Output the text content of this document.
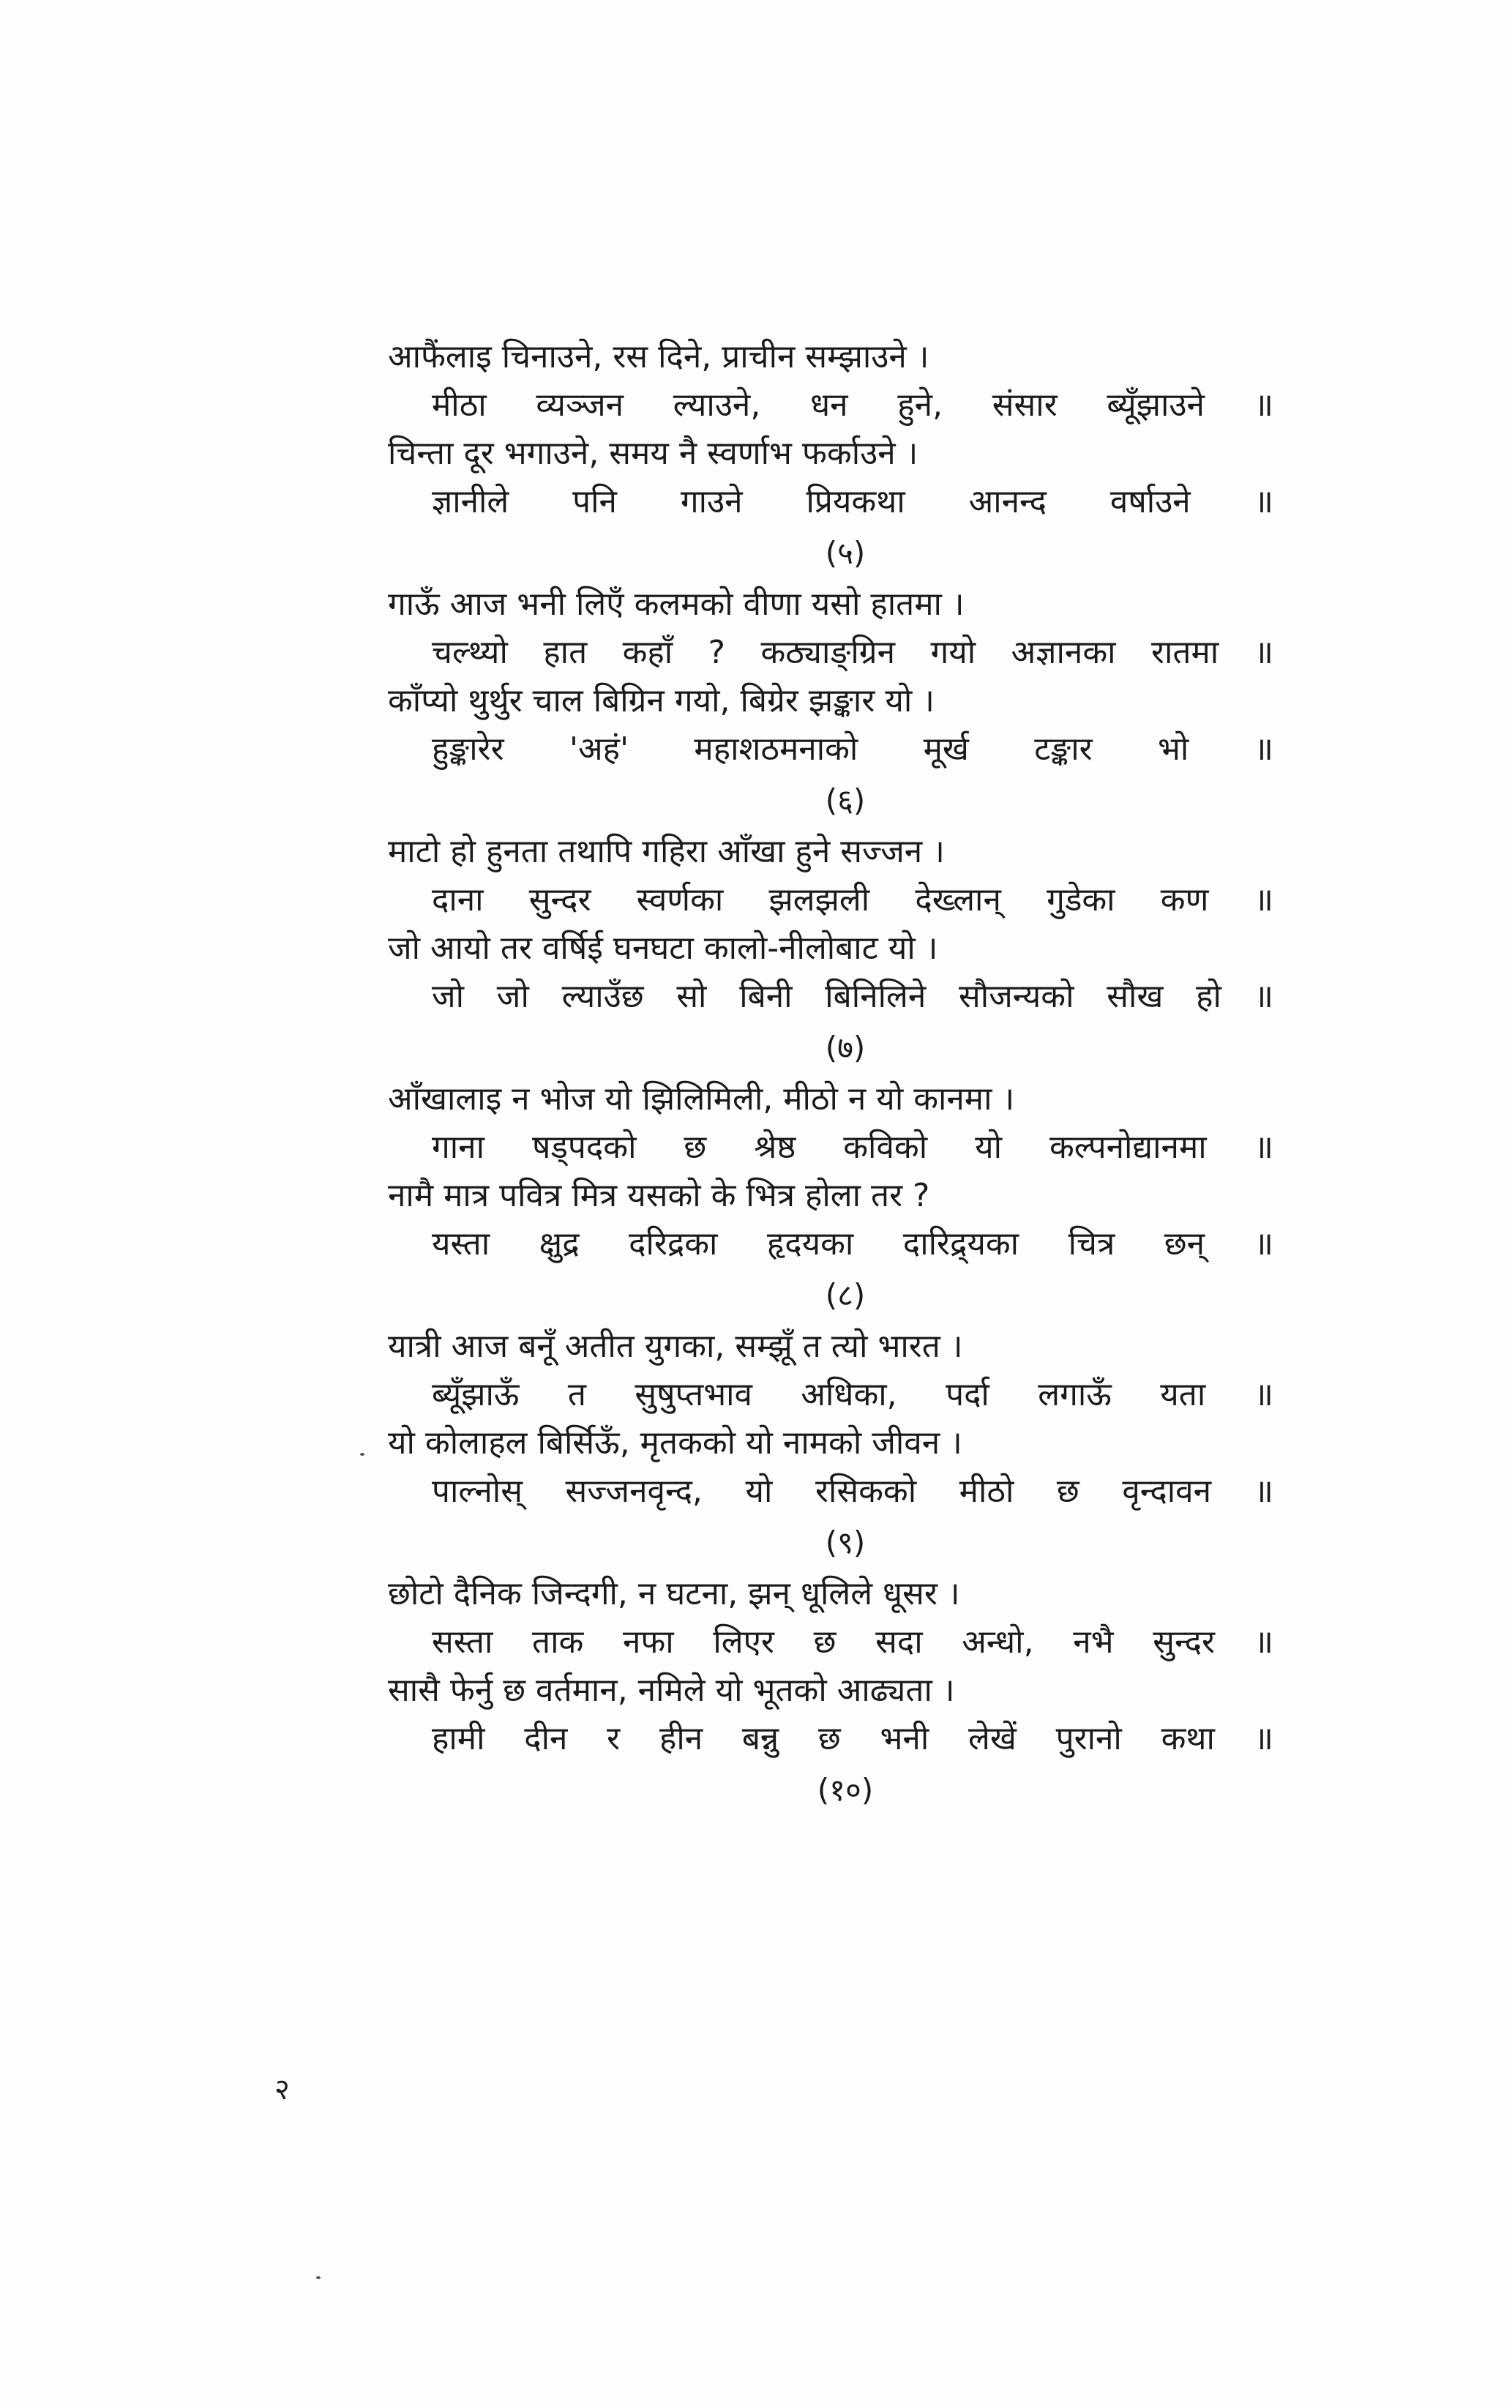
आफैंलाइ चिनाउने, रस दिने, प्राचीन सम्झाउने ।
मीठा व्यञ्जन ल्याउने, धन हुने, संसार ब्यूँझाउने ॥
चिन्ता दूर भगाउने, समय नै स्वर्णाभ फर्काउने ।
ज्ञानीले पनि गाउने प्रियकथा आनन्द वर्षाउने ॥
(५)
गाऊँ आज भनी लिएँ कलमको वीणा यसो हातमा ।
चल्थ्यो हात कहाँ ? कठ्याङ्ग्रिन गयो अज्ञानका रातमा ॥
काँप्यो थुर्थुर चाल बिग्रिन गयो, बिग्रेर झङ्कार यो ।
हुङ्कारेर 'अहं' महाशठमनाको मूर्ख टङ्कार भो ॥
(६)
माटो हो हुनता तथापि गहिरा आँखा हुने सज्जन ।
दाना सुन्दर स्वर्णका झलझली देख्लान् गुडेका कण ॥
जो आयो तर वर्षिई घनघटा कालो-नीलोबाट यो ।
जो जो ल्याउँछ सो बिनी बिनिलिने सौजन्यको सौख हो ॥
(७)
आँखालाइ न भोज यो झिलिमिली, मीठो न यो कानमा ।
गाना षड्पदको छ श्रेष्ठ कविको यो कल्पनोद्यानमा ॥
नामै मात्र पवित्र मित्र यसको के भित्र होला तर ?
यस्ता क्षुद्र दरिद्रका हृदयका दारिद्र्यका चित्र छन् ॥
(८)
यात्री आज बनूँ अतीत युगका, सम्झूँ त त्यो भारत ।
ब्यूँझाऊँ त सुषुप्तभाव अधिका, पर्दा लगाऊँ यता ॥
यो कोलाहल बिर्सिऊँ, मृतकको यो नामको जीवन ।
पाल्नोस् सज्जनवृन्द, यो रसिकको मीठो छ वृन्दावन ॥
(९)
छोटो दैनिक जिन्दगी, न घटना, झन् धूलिले धूसर ।
सस्ता ताक नफा लिएर छ सदा अन्धो, नभै सुन्दर ॥
सासै फेर्नु छ वर्तमान, नमिले यो भूतको आढ्यता ।
हामी दीन र हीन बन्नु छ भनी लेखें पुरानो कथा ॥
(१०)
२
